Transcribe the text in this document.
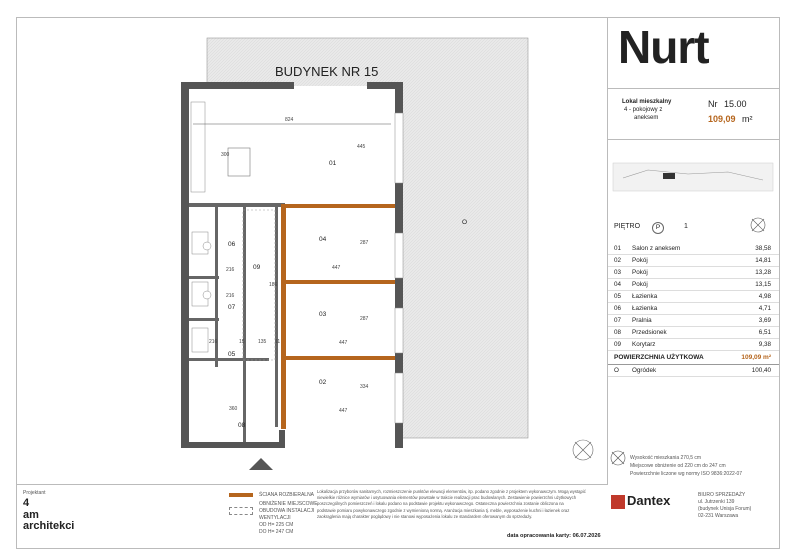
BUDYNEK NR 15
01
04
03
02
06
07
05
09
08
O
824
445
447
447
447
287
287
334
216
216
216
186
135
360
11
15
300
Nurt
Lokal mieszkalny
4 - pokojowy z
aneksem
Nr 15.00
109,09 m²
PIĘTRO	P	1
01 Salon z aneksem	38,58
02 Pokój	14,81
03 Pokój	13,28
04 Pokój	13,15
05 Łazienka	4,98
06 Łazienka	4,71
07 Pralnia	3,69
08 Przedsionek	6,51
09 Korytarz	9,38
POWIERZCHNIA UŻYTKOWA	109,09 m²
O Ogródek	100,40
Wysokość mieszkania 270,5 cm
Miejscowe obniżenie od 220 cm do 247 cm
Powierzchnie liczone wg normy ISO 9836:2022-07
Projektant
4
am
architekci
ŚCIANA ROZBIERALNA
OBNIŻENIE MIEJSCOWE
OBUDOWA INSTALACJI
WENTYLACJI
OD H= 225 CM
DO H= 247 CM
Lokalizacja przyborów sanitarnych, rozmieszczenie punktów elewacji elementów, itp. podano zgodnie z projektem wykonawczym. Mogą wystąpić
niewielkie różnice wymiarów i usytuowania elementów powstałe w trakcie realizacji prac budowlanych. Zestawienie powierzchni użytkowych
poszczególnych pomieszczeń i lokalu podano na podstawie projektu wykonawczego. Ostateczna powierzchnia zostanie obliczona na
podstawie pomiaru powykonawczego zgodnie z wymienioną normą. Aranżacja mieszkania tj. meble, wyposażenie kuchni i łazienek oraz
zaokrąglenia mają charakter poglądowy i nie stanowi wyposażenia lokalu ze standardem oferowanym do sprzedaży.
data opracowania karty: 06.07.2026
Dantex	BIURO SPRZEDAŻY
ul. Jutrzenki 139
(budynek Unisja Forum)
02-231 Warszawa
